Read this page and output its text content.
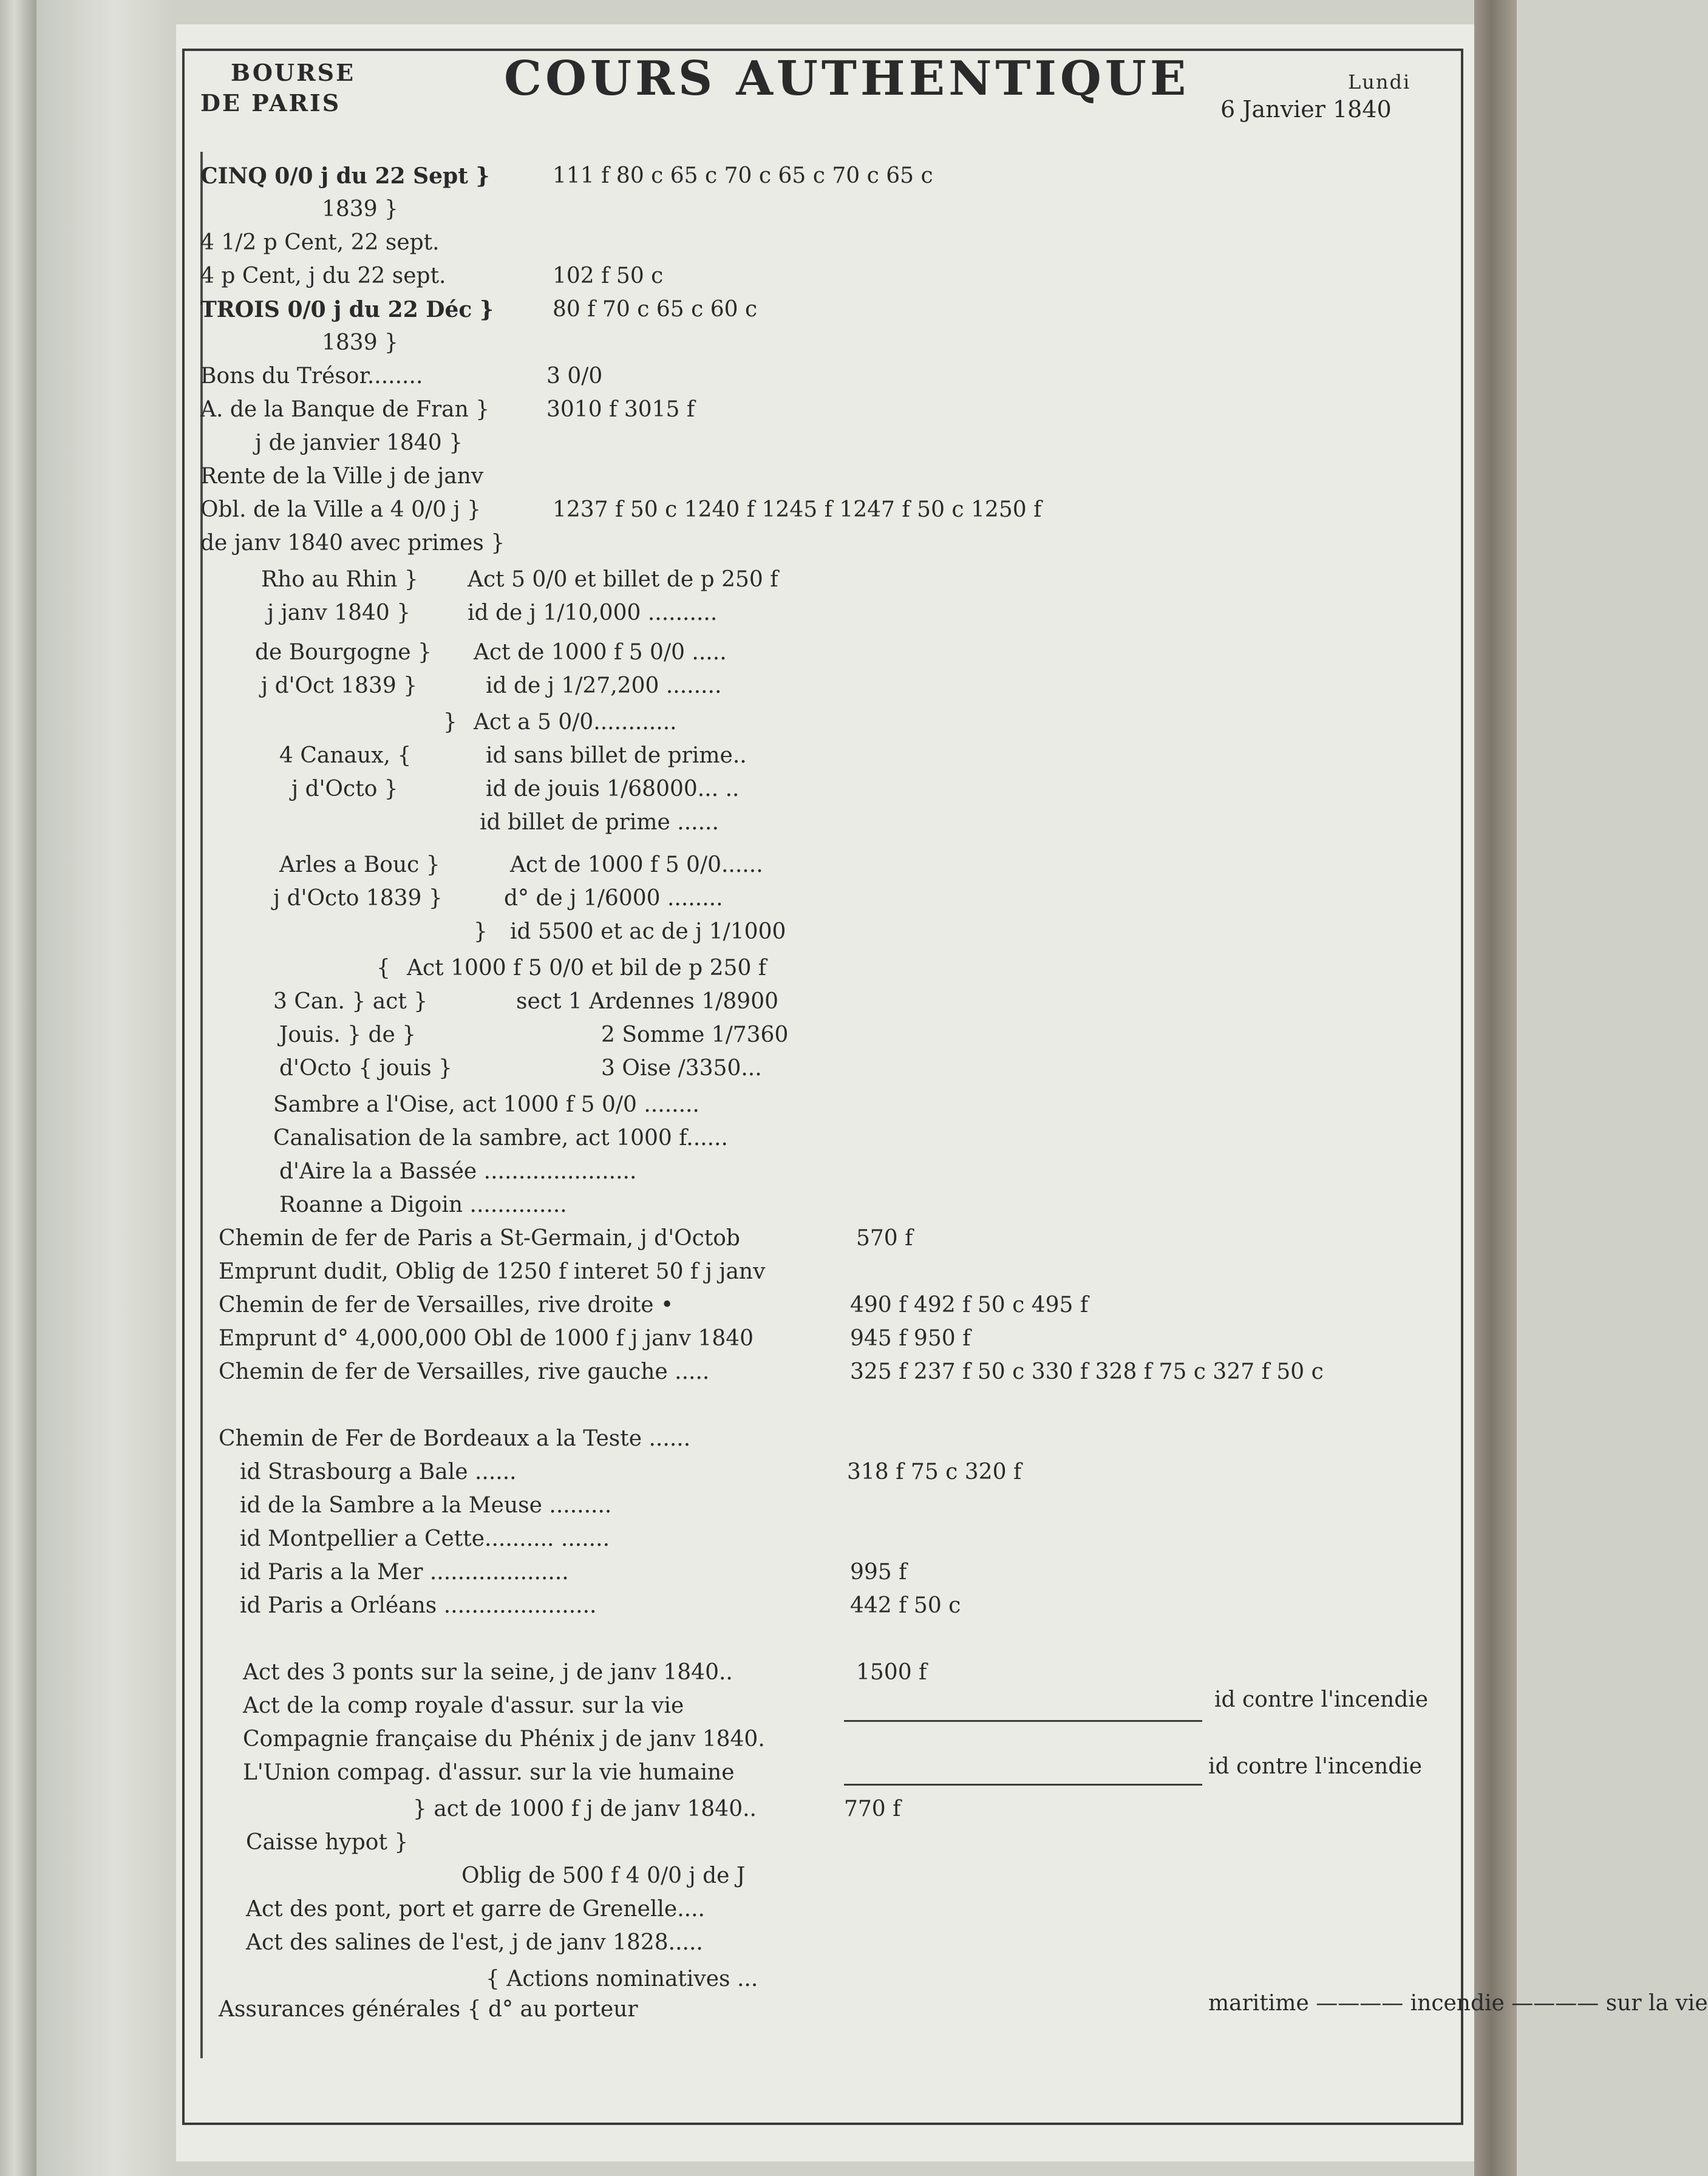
BOURSE
DE PARIS	COURS AUTHENTIQUE	Lundi
6 Janvier 1840
CINQ 0/0 j du 22 Sept }	111 f 80 c 65 c 70 c 65 c 70 c 65 c
1839 }
4 1/2 p Cent, 22 sept.
4 p Cent, j du 22 sept.	102 f 50 c
TROIS 0/0 j du 22 Déc }	80 f 70 c 65 c 60 c
1839 }
Bons du Trésor........	3 0/0
A. de la Banque de Fran }	3010 f 3015 f
j de janvier 1840 }
Rente de la Ville j de janv
Obl. de la Ville a 4 0/0 j }	1237 f 50 c 1240 f 1245 f 1247 f 50 c 1250 f
de janv 1840 avec primes }
Rho au Rhin } Act 5 0/0 et billet de p 250 f
j janv 1840 }	id de j 1/10,000 ..........
de Bourgogne } Act de 1000 f 5 0/0 .....
j d'Oct 1839 }	id de j 1/27,200 ........
} Act a 5 0/0............
4 Canaux, {	id sans billet de prime..
j d'Octo }	id de jouis 1/68000... ..
id billet de prime ......
Arles a Bouc }	Act de 1000 f 5 0/0......
j d'Octo 1839 }	d° de j 1/6000 ........
} id 5500 et ac de j 1/1000
{ Act 1000 f 5 0/0 et bil de p 250 f
3 Can. } act }	sect 1 Ardennes 1/8900
Jouis. } de }	2 Somme 1/7360
d'Octo { jouis }	3 Oise /3350...
Sambre a l'Oise, act 1000 f 5 0/0 ........
Canalisation de la sambre, act 1000 f......
d'Aire la a Bassée ......................
Roanne a Digoin ..............
Chemin de fer de Paris a St-Germain, j d'Octob	570 f
Emprunt dudit, Oblig de 1250 f interet 50 f j janv
Chemin de fer de Versailles, rive droite •	490 f 492 f 50 c 495 f
Emprunt d° 4,000,000 Obl de 1000 f j janv 1840	945 f 950 f
Chemin de fer de Versailles, rive gauche .....	325 f 237 f 50 c 330 f 328 f 75 c 327 f 50 c
Chemin de Fer de Bordeaux a la Teste ......
id Strasbourg a Bale ......	318 f 75 c 320 f
id de la Sambre a la Meuse .........
id Montpellier a Cette.......... .......
id Paris a la Mer ....................	995 f
id Paris a Orléans ......................	442 f 50 c
Act des 3 ponts sur la seine, j de janv 1840..	1500 f
Act de la comp royale d'assur. sur la vie	id contre l'incendie
Compagnie française du Phénix j de janv 1840.
L'Union compag. d'assur. sur la vie humaine	id contre l'incendie
} act de 1000 f j de janv 1840..	770 f
Caisse hypot }
Oblig de 500 f 4 0/0 j de J
Act des pont, port et garre de Grenelle....
Act des salines de l'est, j de janv 1828.....
{ Actions nominatives ...
Assurances générales { d° au porteur	maritime ———— incendie ———— sur la vie
